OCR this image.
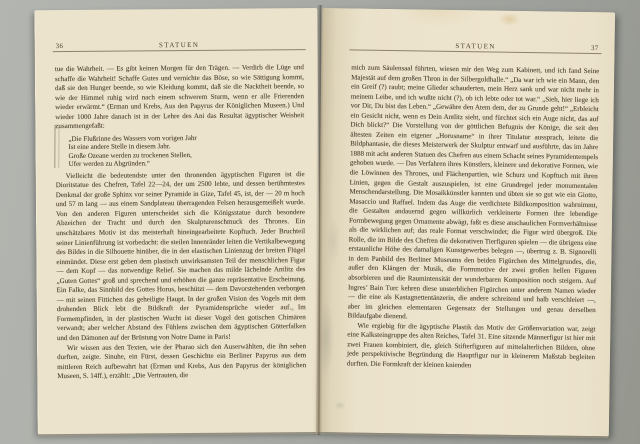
36	STATUEN

tue die Wahrheit. — Es gibt keinen Morgen für den Trägen. — Verdirb die Lüge und schaffe die Wahrheit! Schaffe Gutes und vernichte das Böse, so wie Sättigung kommt, daß sie den Hunger beende, so wie Kleidung kommt, daß sie die Nacktheit beende, so wie der Himmel ruhig wird nach einem schwerem Sturm, wenn er alle Frierenden wieder erwärmt.“ (Erman und Krebs, Aus den Papyrus der Königlichen Museen.) Und wieder 1000 Jahre danach ist in der Lehre des Ani das Resultat ägyptischer Weisheit zusammengefaßt:

„Die Flußrinne des Wassers vom vorigen Jahr
Ist eine andere Stelle in diesem Jahr.
Große Ozeane werden zu trockenen Stellen,
Ufer werden zu Abgründen.“

Vielleicht die bedeutendste unter den thronenden ägyptischen Figuren ist die Dioritstatue des Chefren, Tafel 22—24, der um 2500 lebte, und dessen berühmtestes Denkmal der große Sphinx vor seiner Pyramide in Gize, Tafel 45, ist, der — 20 m hoch und 57 m lang — aus einem Sandplateau überragenden Felsen herausgemeißelt wurde. Von den anderen Figuren unterscheidet sich die Königsstatue durch besondere Abzeichen der Tracht und durch den Skulpturenschmuck des Thrones. Ein unschätzbares Motiv ist das meisterhaft hineingearbeitete Kopftuch. Jeder Bruchteil seiner Linienführung ist vorbedacht: die steilen Innenränder leiten die Vertikalbewegung des Bildes in die Silhouette hinüber, die in den elastischen Linienzug der breiten Flügel einmündet. Diese erst geben dem plastisch unwirksamsten Teil der menschlichen Figur — dem Kopf — das notwendige Relief. Sie machen das milde lächelnde Antlitz des „Guten Gottes“ groß und sprechend und erhöhen die ganze repräsentative Erscheinung. Ein Falke, das Sinnbild des Gottes Horus, beschützt — dem Davorstehenden verborgen — mit seinen Fittichen das geheiligte Haupt. In der großen Vision des Vogels mit dem drohenden Blick lebt die Bildkraft der Pyramidensprüche wieder auf. Im Formempfinden, in der plastischen Wucht ist dieser Vogel den gotischen Chimären verwandt; aber welcher Abstand des Fühlens zwischen dem ägyptischen Götterfalken und den Dämonen auf der Brüstung von Notre Dame in Paris!

Wir wissen aus den Texten, wie der Pharao sich den Auserwählten, die ihn sehen durften, zeigte. Sinuhe, ein Fürst, dessen Geschichte ein Berliner Papyrus aus dem mittleren Reich aufbewahrt hat (Erman und Krebs, Aus den Papyrus der königlichen Museen, S. 14ff.), erzählt: „Die Vertrauten, die

STATUEN	37

mich zum Säulensaal führten, wiesen mir den Weg zum Kabinett, und ich fand Seine Majestät auf dem großen Thron in der Silbergoldhalle.“ „Da war ich wie ein Mann, den ein Greif (?) raubt; meine Glieder schauderten, mein Herz sank und war nicht mehr in meinem Leibe, und ich wußte nicht (?), ob ich lebte oder tot war.“ „Sieh, hier liege ich vor Dir, Du bist das Leben.“ „Gewähre den Atem dem, der zu Grunde geht!“ „Erbleicht ein Gesicht nicht, wenn es Dein Antlitz sieht, und fürchtet sich ein Auge nicht, das auf Dich blickt?“ Die Vorstellung von der göttlichen Befugnis der Könige, die seit den ältesten Zeiten ein eigener „Horusname“ in ihrer Titulatur aussprach, leitete die Bildphantasie, die dieses Meisterwerk der Skulptur entwarf und ausführte, das im Jahre 1888 mit acht anderen Statuen des Chefren aus einem Schacht seines Pyramidentempels gehoben wurde. — Das Verfahren ihres Künstlers, kleinere und dekorative Formen, wie die Löwinnen des Thrones, und Flächenpartien, wie Schurz und Kopftuch mit ihren Linien, gegen die Gestalt auszuspielen, ist eine Grundregel jeder monumentalen Menschendarstellung. Die Mosaikkünstler kannten und übten sie so gut wie ein Giotto, Masaccio und Raffael. Indem das Auge die verdichtete Bildkomposition wahrnimmt, die Gestalten andauernd gegen willkürlich verkleinerte Formen ihre lebendige Formbewegung gegen Ornamente abwägt, faßt es diese anschaulichen Formverhältnisse als die wirklichen auf; das reale Format verschwindet; die Figur wird übergroß. Die Rolle, die im Bilde des Chefren die dekorativen Tierfiguren spielen — die übrigens eine erstaunliche Höhe des damaligen Kunstgewerbes belegen —, übertrug z. B. Signorelli in dem Panbild des Berliner Museums den beiden Figürchen des Mittelgrundes, die, außer den Klängen der Musik, die Formmotive der zwei großen hellen Figuren absorbieren und die Raumintensität der wunderbaren Komposition noch steigern. Auf Ingres’ Bain Turc kehren diese unsterblichen Figürchen unter anderem Namen wieder — die eine als Kastagnettentänzerin, die andere schreitend und halb verschleiert —, aber im gleichen elementaren Gegensatz der Stellungen und genau derselben Bildaufgabe dienend.

Wie ergiebig für die ägyptische Plastik das Motiv der Größenvariation war, zeigt eine Kalksteingruppe des alten Reiches, Tafel 31. Eine sitzende Männerfigur ist hier mit zwei Frauen kombiniert, die, gleich Stifterfiguren auf mittelalterlichen Bildern, ohne jede perspektivische Begründung die Hauptfigur nur in kleinerem Maßstab begleiten durften. Die Formkraft der kleinen knienden
